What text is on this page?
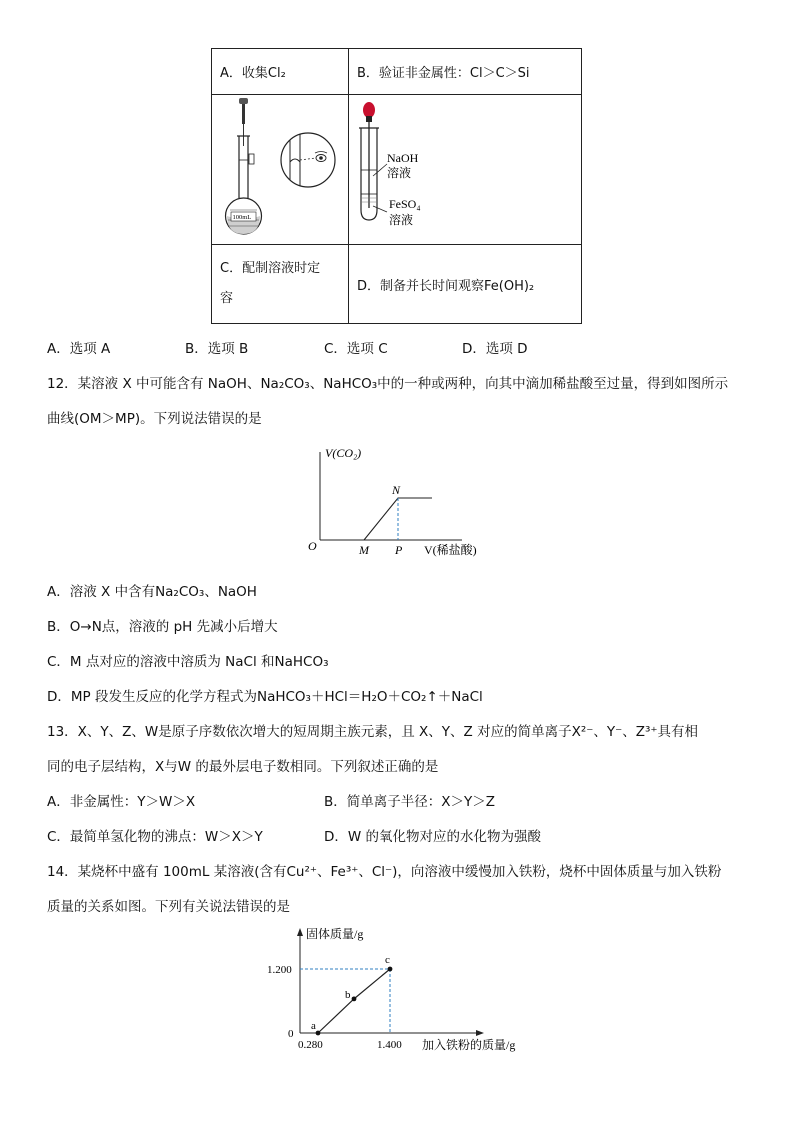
A．收集Cl₂	B．验证非金属性：Cl＞C＞Si

100mL	NaOH
溶液
FeSO₄
溶液

C．配制溶液时定
容	D．制备并长时间观察Fe(OH)₂
A．选项 A	B．选项 B	C．选项 C	D．选项 D
12．某溶液 X 中可能含有 NaOH、Na₂CO₃、NaHCO₃中的一种或两种，向其中滴加稀盐酸至过量，得到如图所示
曲线(OM＞MP)。下列说法错误的是
V(CO₂)
O	M P
N
V(稀盐酸)
A．溶液 X 中含有Na₂CO₃、NaOH
B．O→N点，溶液的 pH 先减小后增大
C．M 点对应的溶液中溶质为 NaCl 和NaHCO₃
D．MP 段发生反应的化学方程式为NaHCO₃＋HCl＝H₂O＋CO₂↑＋NaCl
13．X、Y、Z、W是原子序数依次增大的短周期主族元素，且 X、Y、Z 对应的简单离子X²⁻、Y⁻、Z³⁺具有相
同的电子层结构，X与W 的最外层电子数相同。下列叙述正确的是
A．非金属性：Y＞W＞X	B．简单离子半径：X＞Y＞Z
C．最简单氢化物的沸点：W＞X＞Y	D．W 的氧化物对应的水化物为强酸
14．某烧杯中盛有 100mL 某溶液(含有Cu²⁺、Fe³⁺、Cl⁻)，向溶液中缓慢加入铁粉，烧杯中固体质量与加入铁粉
质量的关系如图。下列有关说法错误的是
固体质量/g
加入铁粉的质量/g
0
1.200
0.280	1.400
a
b
c
